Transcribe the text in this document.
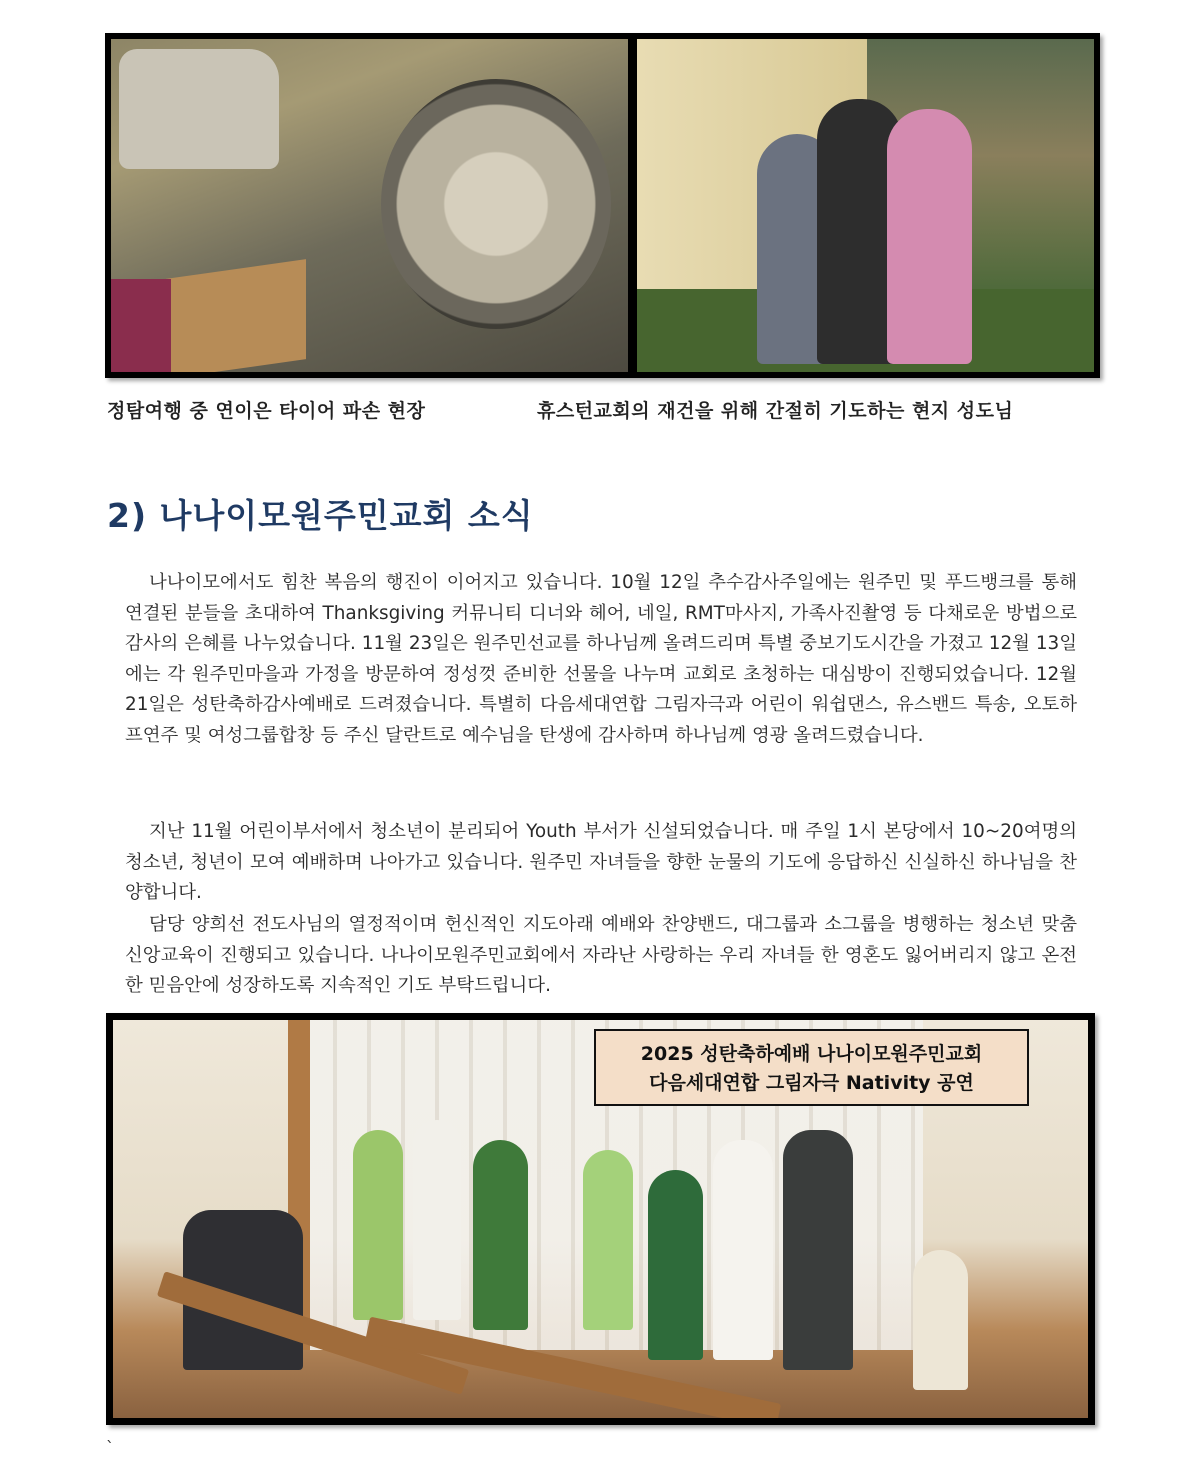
정탐여행 중 연이은 타이어 파손 현장	휴스턴교회의 재건을 위해 간절히 기도하는 현지 성도님
2) 나나이모원주민교회 소식

나나이모에서도 힘찬 복음의 행진이 이어지고 있습니다. 10월 12일 추수감사주일에는 원주민 및 푸드뱅크를 통해 연결된 분들을 초대하여 Thanksgiving 커뮤니티 디너와 헤어, 네일, RMT마사지, 가족사진촬영 등 다채로운 방법으로 감사의 은혜를 나누었습니다. 11월 23일은 원주민선교를 하나님께 올려드리며 특별 중보기도시간을 가졌고 12월 13일에는 각 원주민마을과 가정을 방문하여 정성껏 준비한 선물을 나누며 교회로 초청하는 대심방이 진행되었습니다. 12월 21일은 성탄축하감사예배로 드려졌습니다. 특별히 다음세대연합 그림자극과 어린이 워쉽댄스, 유스밴드 특송, 오토하프연주 및 여성그룹합창 등 주신 달란트로 예수님을 탄생에 감사하며 하나님께 영광 올려드렸습니다.

지난 11월 어린이부서에서 청소년이 분리되어 Youth 부서가 신설되었습니다. 매 주일 1시 본당에서 10~20여명의 청소년, 청년이 모여 예배하며 나아가고 있습니다. 원주민 자녀들을 향한 눈물의 기도에 응답하신 신실하신 하나님을 찬양합니다.

담당 양희선 전도사님의 열정적이며 헌신적인 지도아래 예배와 찬양밴드, 대그룹과 소그룹을 병행하는 청소년 맞춤 신앙교육이 진행되고 있습니다. 나나이모원주민교회에서 자라난 사랑하는 우리 자녀들 한 영혼도 잃어버리지 않고 온전한 믿음안에 성장하도록 지속적인 기도 부탁드립니다.

2025 성탄축하예배 나나이모원주민교회
다음세대연합 그림자극 Nativity 공연
`
